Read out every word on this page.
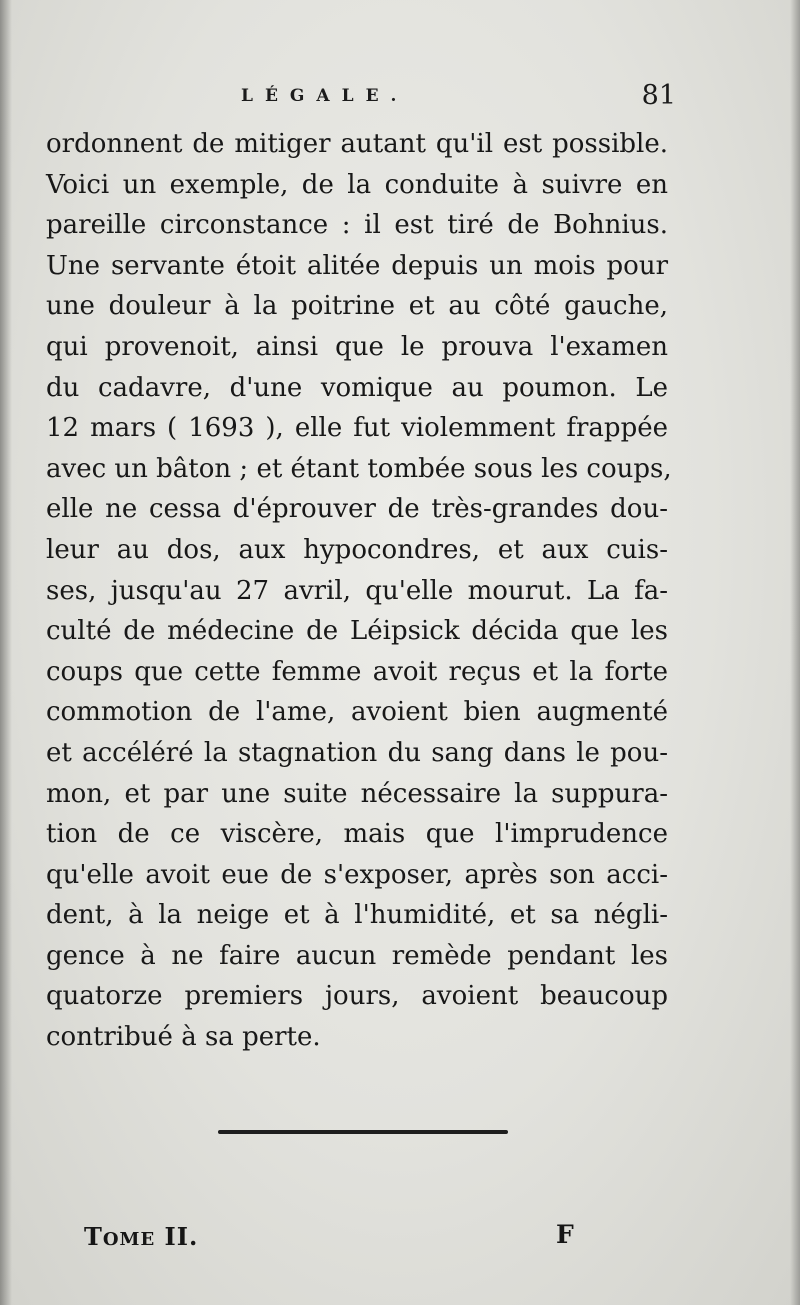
LÉGALE.	81
ordonnent de mitiger autant qu'il est possible.
Voici un exemple, de la conduite à suivre en
pareille circonstance : il est tiré de Bohnius.
Une servante étoit alitée depuis un mois pour
une douleur à la poitrine et au côté gauche,
qui provenoit, ainsi que le prouva l'examen
du cadavre, d'une vomique au poumon. Le
12 mars ( 1693 ), elle fut violemment frappée
avec un bâton ; et étant tombée sous les coups,
elle ne cessa d'éprouver de très-grandes dou-
leur au dos, aux hypocondres, et aux cuis-
ses, jusqu'au 27 avril, qu'elle mourut. La fa-
culté de médecine de Léipsick décida que les
coups que cette femme avoit reçus et la forte
commotion de l'ame, avoient bien augmenté
et accéléré la stagnation du sang dans le pou-
mon, et par une suite nécessaire la suppura-
tion de ce viscère, mais que l'imprudence
qu'elle avoit eue de s'exposer, après son acci-
dent, à la neige et à l'humidité, et sa négli-
gence à ne faire aucun remède pendant les
quatorze premiers jours, avoient beaucoup
contribué à sa perte.
TOME II.	F
